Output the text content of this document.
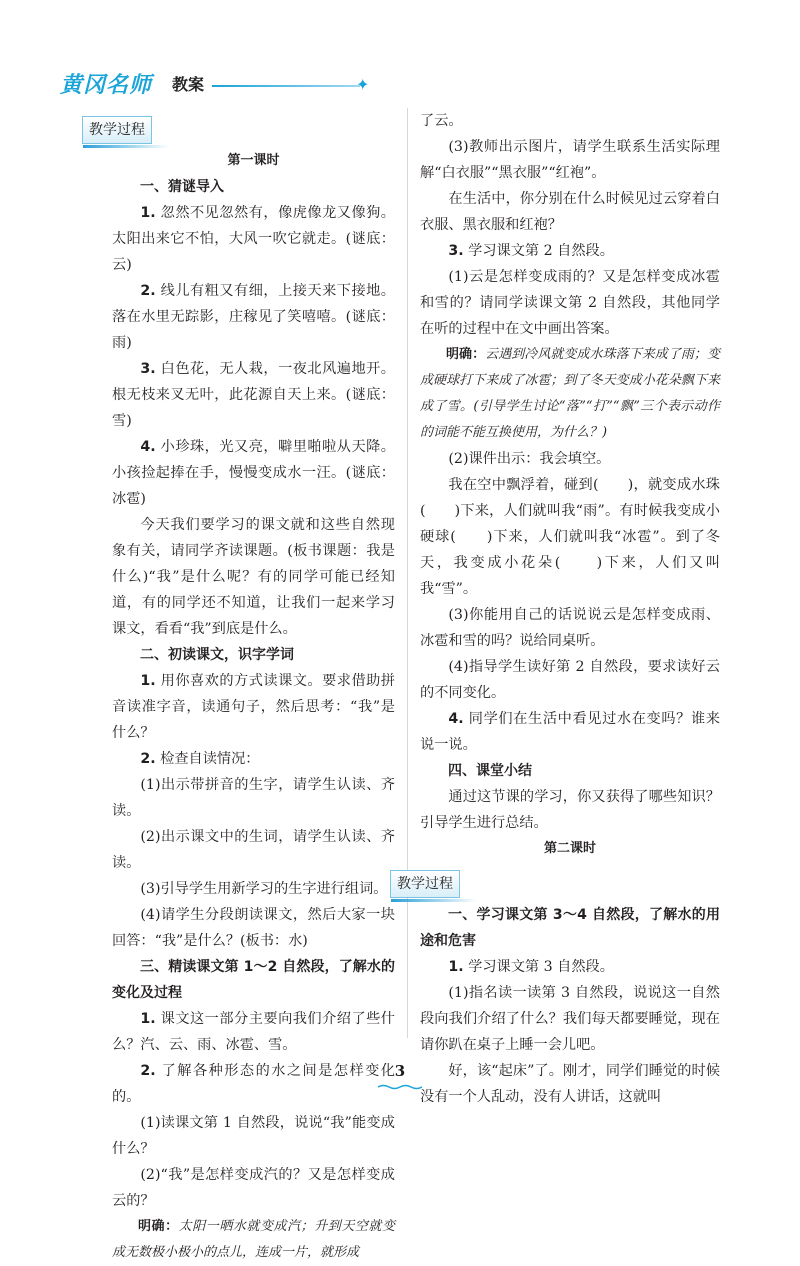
黄冈名师 教案	✦
教学过程

第一课时

一、猜谜导入

1. 忽然不见忽然有，像虎像龙又像狗。太阳出来它不怕，大风一吹它就走。(谜底：云)

2. 线儿有粗又有细，上接天来下接地。落在水里无踪影，庄稼见了笑嘻嘻。(谜底：雨)

3. 白色花，无人栽，一夜北风遍地开。根无枝来叉无叶，此花源自天上来。(谜底：雪)

4. 小珍珠，光又亮，噼里啪啦从天降。小孩捡起捧在手，慢慢变成水一汪。(谜底：冰雹)

今天我们要学习的课文就和这些自然现象有关，请同学齐读课题。(板书课题：我是什么)“我”是什么呢？有的同学可能已经知道，有的同学还不知道，让我们一起来学习课文，看看“我”到底是什么。

二、初读课文，识字学词

1. 用你喜欢的方式读课文。要求借助拼音读准字音，读通句子，然后思考：“我”是什么？

2. 检查自读情况：

(1)出示带拼音的生字，请学生认读、齐读。

(2)出示课文中的生词，请学生认读、齐读。

(3)引导学生用新学习的生字进行组词。

(4)请学生分段朗读课文，然后大家一块回答：“我”是什么？(板书：水)

三、精读课文第 1～2 自然段，了解水的变化及过程

1. 课文这一部分主要向我们介绍了些什么？汽、云、雨、冰雹、雪。

2. 了解各种形态的水之间是怎样变化的。

(1)读课文第 1 自然段，说说“我”能变成什么？

(2)“我”是怎样变成汽的？又是怎样变成云的？

明确：太阳一晒水就变成汽；升到天空就变成无数极小极小的点儿，连成一片，就形成

了云。

(3)教师出示图片，请学生联系生活实际理解“白衣服”“黑衣服”“红袍”。

在生活中，你分别在什么时候见过云穿着白衣服、黑衣服和红袍？

3. 学习课文第 2 自然段。

(1)云是怎样变成雨的？又是怎样变成冰雹和雪的？请同学读课文第 2 自然段，其他同学在听的过程中在文中画出答案。

明确：云遇到冷风就变成水珠落下来成了雨；变成硬球打下来成了冰雹；到了冬天变成小花朵飘下来成了雪。(引导学生讨论“落”“打”“飘”三个表示动作的词能不能互换使用，为什么？)

(2)课件出示：我会填空。

我在空中飘浮着，碰到(　　)，就变成水珠(　　)下来，人们就叫我“雨”。有时候我变成小硬球(　　)下来，人们就叫我“冰雹”。到了冬天，我变成小花朵(　　)下来，人们又叫我“雪”。

(3)你能用自己的话说说云是怎样变成雨、冰雹和雪的吗？说给同桌听。

(4)指导学生读好第 2 自然段，要求读好云的不同变化。

4. 同学们在生活中看见过水在变吗？谁来说一说。

四、课堂小结

通过这节课的学习，你又获得了哪些知识？引导学生进行总结。

第二课时

教学过程

一、学习课文第 3～4 自然段，了解水的用途和危害

1. 学习课文第 3 自然段。

(1)指名读一读第 3 自然段，说说这一自然段向我们介绍了什么？我们每天都要睡觉，现在请你趴在桌子上睡一会儿吧。

好，该“起床”了。刚才，同学们睡觉的时候没有一个人乱动，没有人讲话，这就叫

3
